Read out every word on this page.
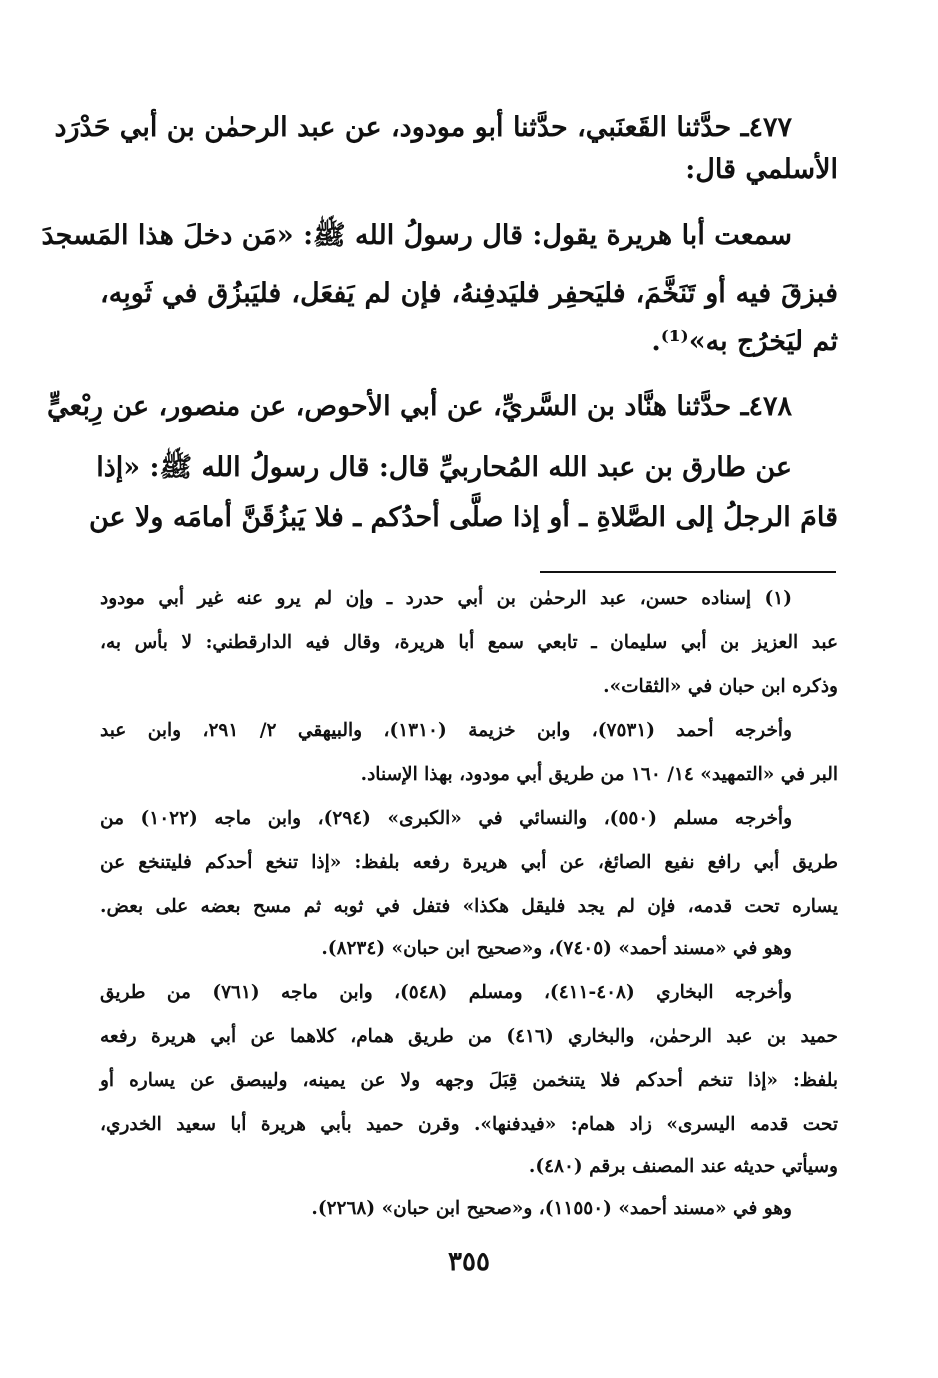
٤٧٧ـ حدَّثنا القَعنَبي، حدَّثنا أبو مودود، عن عبد الرحمٰن بن أبي حَدْرَد
الأسلمي قال:
سمعت أبا هريرة يقول: قال رسولُ الله ﷺ: «مَن دخلَ هذا المَسجدَ
فبزقَ فيه أو تَنَخَّمَ، فليَحفِر فليَدفِنهُ، فإن لم يَفعَل، فليَبزُق في ثَوبِه،
ثم ليَخرُج به»⁽¹⁾.
٤٧٨ـ حدَّثنا هنَّاد بن السَّريِّ، عن أبي الأحوص، عن منصور، عن رِبْعيٍّ
عن طارق بن عبد الله المُحاربيِّ قال: قال رسولُ الله ﷺ: «إذا
قامَ الرجلُ إلى الصَّلاةِ ـ أو إذا صلَّى أحدُكم ـ فلا يَبزُقَنَّ أمامَه ولا عن
(١) إسناده حسن، عبد الرحمٰن بن أبي حدرد ـ وإن لم يرو عنه غير أبي مودود
عبد العزيز بن أبي سليمان ـ تابعي سمع أبا هريرة، وقال فيه الدارقطني: لا بأس به،
وذكره ابن حبان في «الثقات».
وأخرجه أحمد (٧٥٣١)، وابن خزيمة (١٣١٠)، والبيهقي ٢/ ٢٩١، وابن عبد
البر في «التمهيد» ١٤/ ١٦٠ من طريق أبي مودود، بهذا الإسناد.
وأخرجه مسلم (٥٥٠)، والنسائي في «الكبرى» (٢٩٤)، وابن ماجه (١٠٢٢) من
طريق أبي رافع نفيع الصائغ، عن أبي هريرة رفعه بلفظ: «إذا تنخع أحدكم فليتنخع عن
يساره تحت قدمه، فإن لم يجد فليقل هكذا» فتفل في ثوبه ثم مسح بعضه على بعض.
وهو في «مسند أحمد» (٧٤٠٥)، و«صحيح ابن حبان» (٨٢٣٤).
وأخرجه البخاري (٤٠٨-٤١١)، ومسلم (٥٤٨)، وابن ماجه (٧٦١) من طريق
حميد بن عبد الرحمٰن، والبخاري (٤١٦) من طريق همام، كلاهما عن أبي هريرة رفعه
بلفظ: «إذا تنخم أحدكم فلا يتنخمن قِبَلَ وجهه ولا عن يمينه، وليبصق عن يساره أو
تحت قدمه اليسرى» زاد همام: «فيدفنها». وقرن حميد بأبي هريرة أبا سعيد الخدري،
وسيأتي حديثه عند المصنف برقم (٤٨٠).
وهو في «مسند أحمد» (١١٥٥٠)، و«صحيح ابن حبان» (٢٢٦٨).
٣٥٥
